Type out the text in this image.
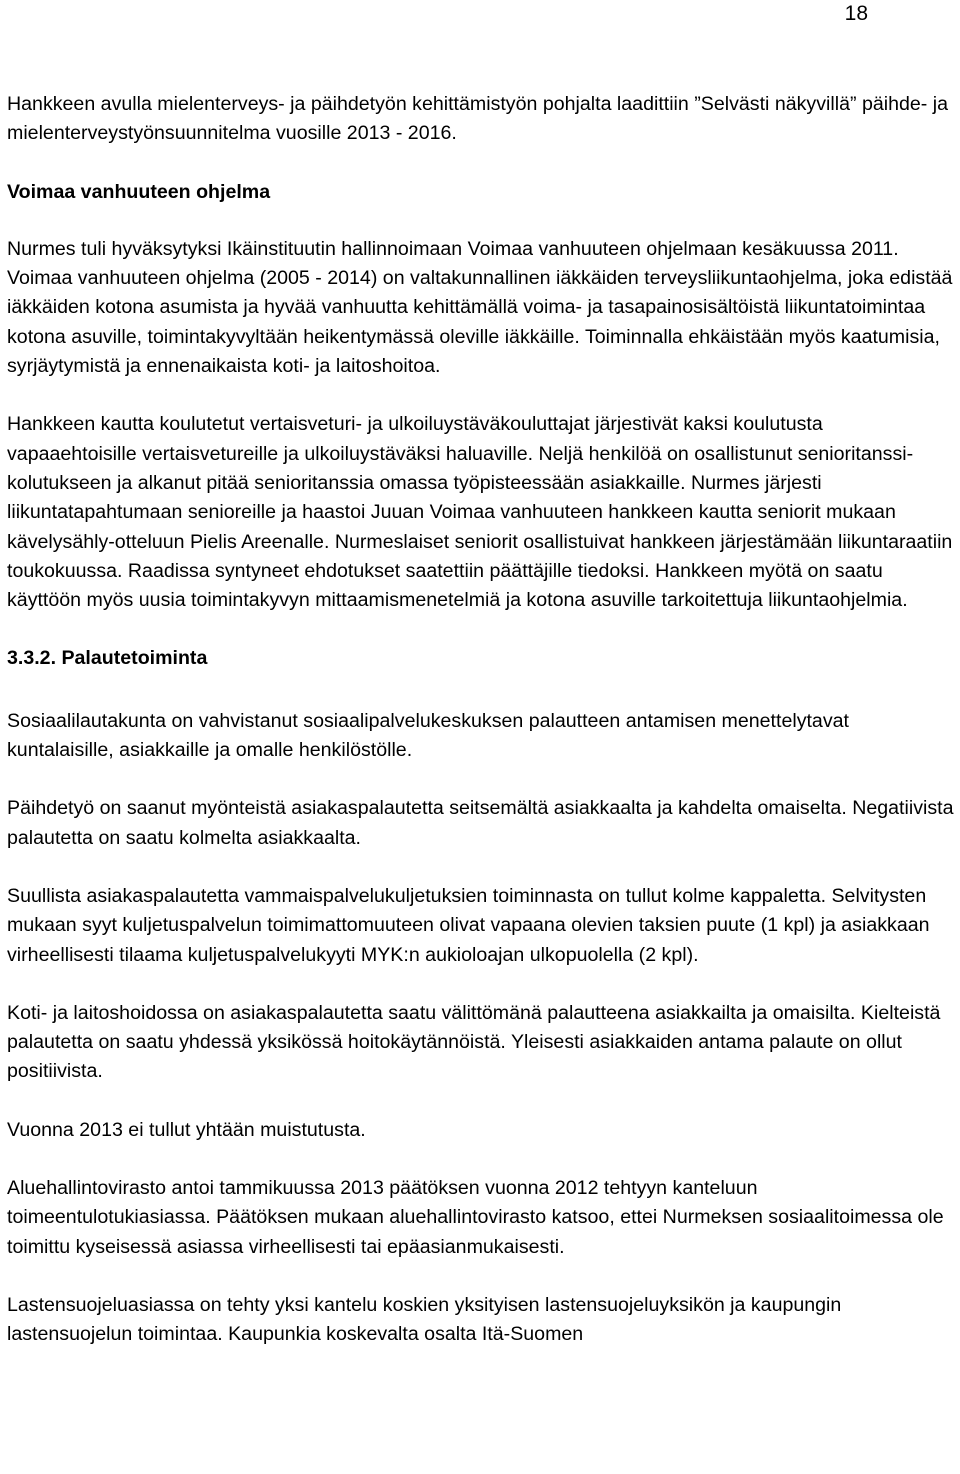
18

Hankkeen avulla mielenterveys- ja päihdetyön kehittämistyön pohjalta laadittiin ”Selvästi näkyvillä” päihde- ja mielenterveystyönsuunnitelma vuosille 2013 - 2016.

Voimaa vanhuuteen ohjelma

Nurmes tuli hyväksytyksi Ikäinstituutin hallinnoimaan Voimaa vanhuuteen ohjelmaan kesäkuussa 2011. Voimaa vanhuuteen ohjelma (2005 - 2014) on valtakunnallinen iäkkäiden terveysliikuntaohjelma, joka edistää iäkkäiden kotona asumista ja hyvää vanhuutta kehittämällä voima- ja tasapainosisältöistä liikuntatoimintaa kotona asuville, toimintakyvyltään heikentymässä oleville iäkkäille. Toiminnalla ehkäistään myös kaatumisia, syrjäytymistä ja ennenaikaista koti- ja laitoshoitoa.

Hankkeen kautta koulutetut vertaisveturi- ja ulkoiluystäväkouluttajat järjestivät kaksi koulutusta vapaaehtoisille vertaisvetureille ja ulkoiluystäväksi haluaville. Neljä henkilöä on osallistunut senioritanssi-kolutukseen ja alkanut pitää senioritanssia omassa työpisteessään asiakkaille. Nurmes järjesti liikuntatapahtumaan senioreille ja haastoi Juuan Voimaa vanhuuteen hankkeen kautta seniorit mukaan kävelysähly-otteluun Pielis Areenalle. Nurmeslaiset seniorit osallistuivat hankkeen järjestämään liikuntaraatiin toukokuussa. Raadissa syntyneet ehdotukset saatettiin päättäjille tiedoksi. Hankkeen myötä on saatu käyttöön myös uusia toimintakyvyn mittaamismenetelmiä ja kotona asuville tarkoitettuja liikuntaohjelmia.

3.3.2. Palautetoiminta

Sosiaalilautakunta on vahvistanut sosiaalipalvelukeskuksen palautteen antamisen menettelytavat kuntalaisille, asiakkaille ja omalle henkilöstölle.

Päihdetyö on saanut myönteistä asiakaspalautetta seitsemältä asiakkaalta ja kahdelta omaiselta. Negatiivista palautetta on saatu kolmelta asiakkaalta.

Suullista asiakaspalautetta vammaispalvelukuljetuksien toiminnasta on tullut kolme kappaletta. Selvitysten mukaan syyt kuljetuspalvelun toimimattomuuteen olivat vapaana olevien taksien puute (1 kpl) ja asiakkaan virheellisesti tilaama kuljetuspalvelukyyti MYK:n aukioloajan ulkopuolella (2 kpl).

Koti- ja laitoshoidossa on asiakaspalautetta saatu välittömänä palautteena asiakkailta ja omaisilta. Kielteistä palautetta on saatu yhdessä yksikössä hoitokäytännöistä. Yleisesti asiakkaiden antama palaute on ollut positiivista.

Vuonna 2013 ei tullut yhtään muistutusta.

Aluehallintovirasto antoi tammikuussa 2013 päätöksen vuonna 2012 tehtyyn kanteluun toimeentulotukiasiassa. Päätöksen mukaan aluehallintovirasto katsoo, ettei Nurmeksen sosiaalitoimessa ole toimittu kyseisessä asiassa virheellisesti tai epäasianmukaisesti.

Lastensuojeluasiassa on tehty yksi kantelu koskien yksityisen lastensuojeluyksikön ja kaupungin lastensuojelun toimintaa. Kaupunkia koskevalta osalta Itä-Suomen
